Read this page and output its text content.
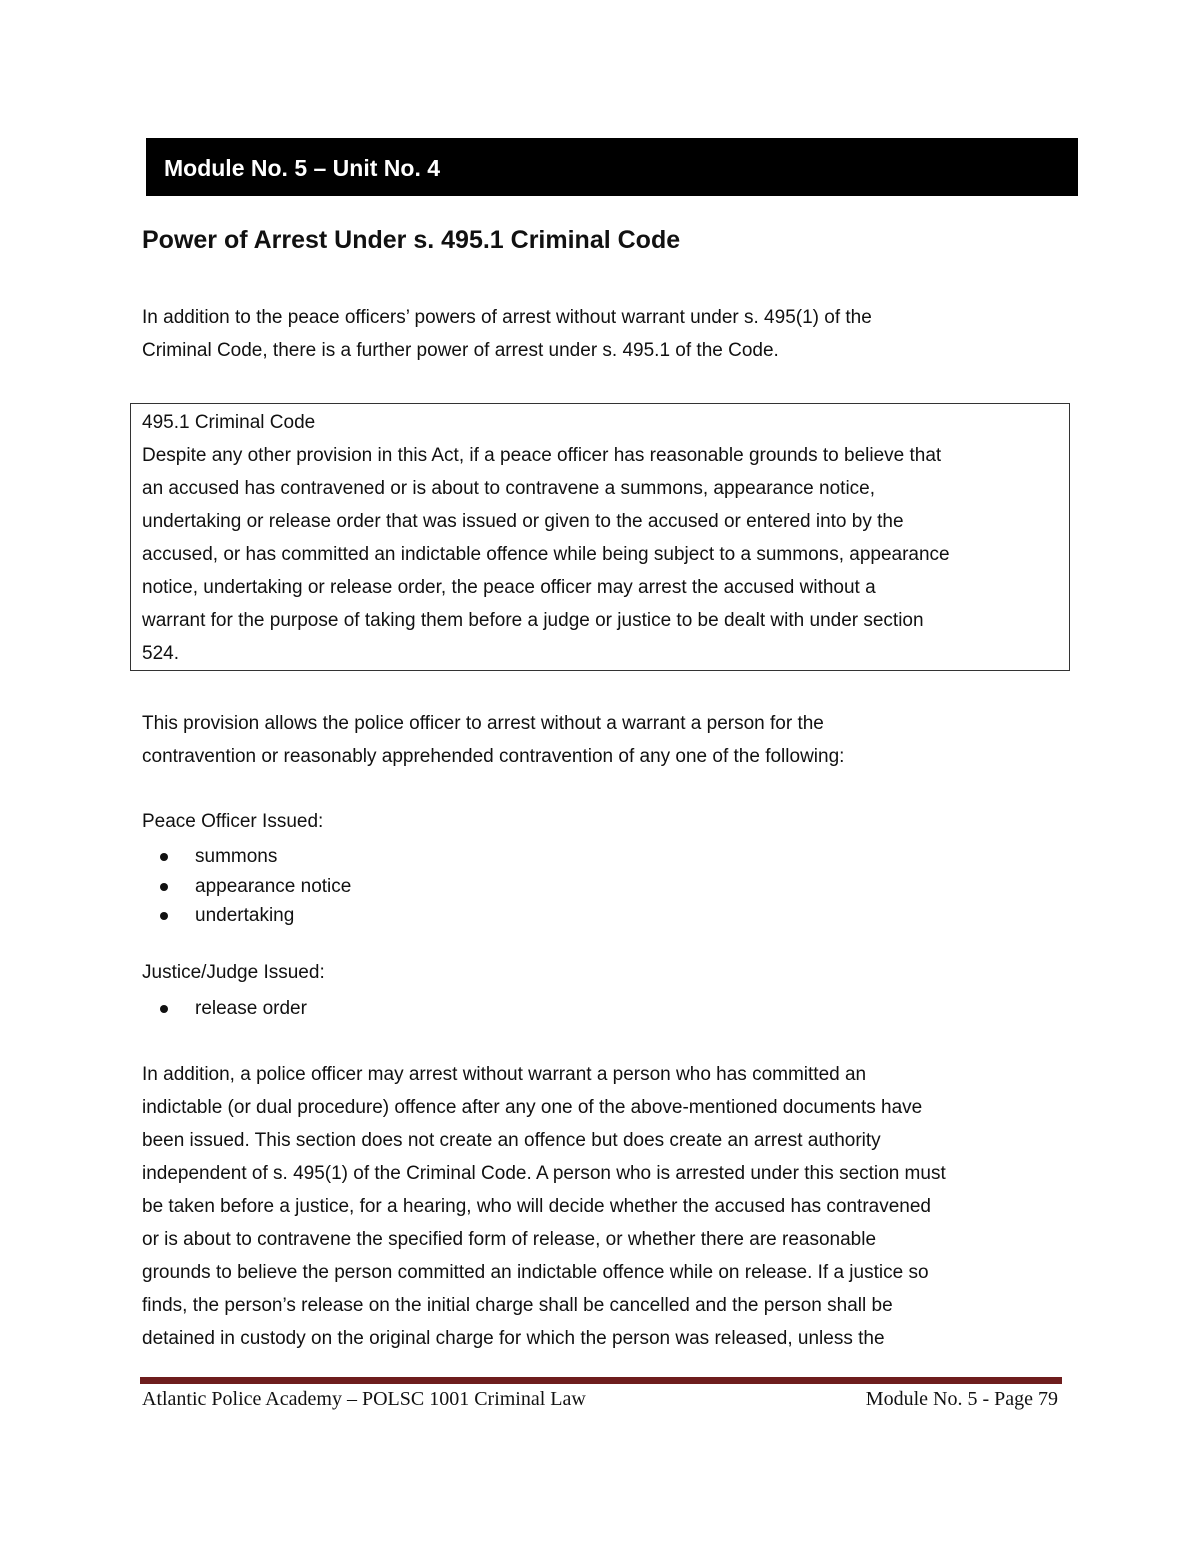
Module No. 5 – Unit No. 4
Power of Arrest Under s. 495.1 Criminal Code
In addition to the peace officers’ powers of arrest without warrant under s. 495(1) of the
Criminal Code, there is a further power of arrest under s. 495.1 of the Code.
495.1 Criminal Code
Despite any other provision in this Act, if a peace officer has reasonable grounds to believe that
an accused has contravened or is about to contravene a summons, appearance notice,
undertaking or release order that was issued or given to the accused or entered into by the
accused, or has committed an indictable offence while being subject to a summons, appearance
notice, undertaking or release order, the peace officer may arrest the accused without a
warrant for the purpose of taking them before a judge or justice to be dealt with under section
524.
This provision allows the police officer to arrest without a warrant a person for the
contravention or reasonably apprehended contravention of any one of the following:
Peace Officer Issued:
summons
appearance notice
undertaking
Justice/Judge Issued:
release order
In addition, a police officer may arrest without warrant a person who has committed an
indictable (or dual procedure) offence after any one of the above-mentioned documents have
been issued. This section does not create an offence but does create an arrest authority
independent of s. 495(1) of the Criminal Code. A person who is arrested under this section must
be taken before a justice, for a hearing, who will decide whether the accused has contravened
or is about to contravene the specified form of release, or whether there are reasonable
grounds to believe the person committed an indictable offence while on release. If a justice so
finds, the person’s release on the initial charge shall be cancelled and the person shall be
detained in custody on the original charge for which the person was released, unless the
Atlantic Police Academy – POLSC 1001 Criminal Law	Module No. 5 - Page 79
